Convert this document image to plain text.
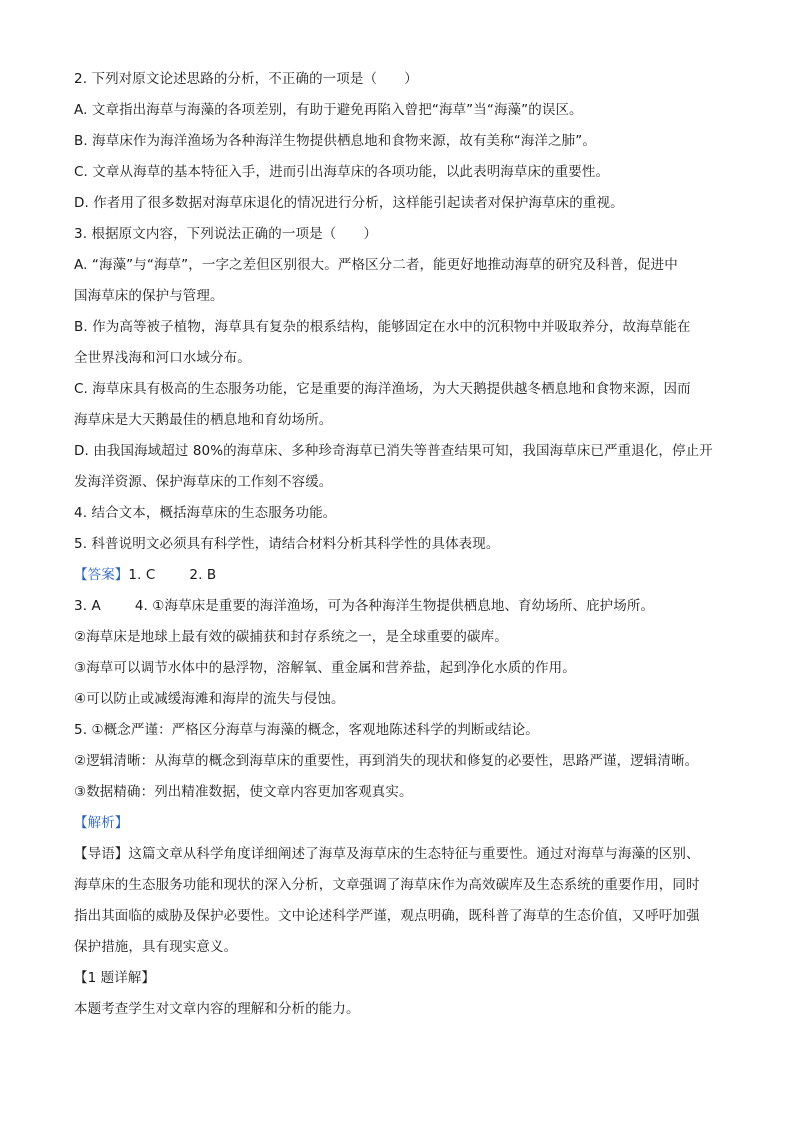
2. 下列对原文论述思路的分析，不正确的一项是（　　）
A. 文章指出海草与海藻的各项差别，有助于避免再陷入曾把“海草”当“海藻”的误区。
B. 海草床作为海洋渔场为各种海洋生物提供栖息地和食物来源，故有美称“海洋之肺”。
C. 文章从海草的基本特征入手，进而引出海草床的各项功能，以此表明海草床的重要性。
D. 作者用了很多数据对海草床退化的情况进行分析，这样能引起读者对保护海草床的重视。
3. 根据原文内容，下列说法正确的一项是（　　）
A. “海藻”与“海草”，一字之差但区别很大。严格区分二者，能更好地推动海草的研究及科普，促进中
国海草床的保护与管理。
B. 作为高等被子植物，海草具有复杂的根系结构，能够固定在水中的沉积物中并吸取养分，故海草能在
全世界浅海和河口水域分布。
C. 海草床具有极高的生态服务功能，它是重要的海洋渔场，为大天鹅提供越冬栖息地和食物来源，因而
海草床是大天鹅最佳的栖息地和育幼场所。
D. 由我国海域超过 80%的海草床、多种珍奇海草已消失等普查结果可知，我国海草床已严重退化，停止开
发海洋资源、保护海草床的工作刻不容缓。
4. 结合文本，概括海草床的生态服务功能。
5. 科普说明文必须具有科学性，请结合材料分析其科学性的具体表现。
【答案】1. C	2. B
3. A	4. ①海草床是重要的海洋渔场，可为各种海洋生物提供栖息地、育幼场所、庇护场所。
②海草床是地球上最有效的碳捕获和封存系统之一，是全球重要的碳库。
③海草可以调节水体中的悬浮物，溶解氧、重金属和营养盐，起到净化水质的作用。
④可以防止或减缓海滩和海岸的流失与侵蚀。
5. ①概念严谨：严格区分海草与海藻的概念，客观地陈述科学的判断或结论。
②逻辑清晰：从海草的概念到海草床的重要性，再到消失的现状和修复的必要性，思路严谨，逻辑清晰。
③数据精确：列出精准数据，使文章内容更加客观真实。
【解析】
【导语】这篇文章从科学角度详细阐述了海草及海草床的生态特征与重要性。通过对海草与海藻的区别、
海草床的生态服务功能和现状的深入分析，文章强调了海草床作为高效碳库及生态系统的重要作用，同时
指出其面临的威胁及保护必要性。文中论述科学严谨，观点明确，既科普了海草的生态价值，又呼吁加强
保护措施，具有现实意义。
【1 题详解】
本题考查学生对文章内容的理解和分析的能力。
